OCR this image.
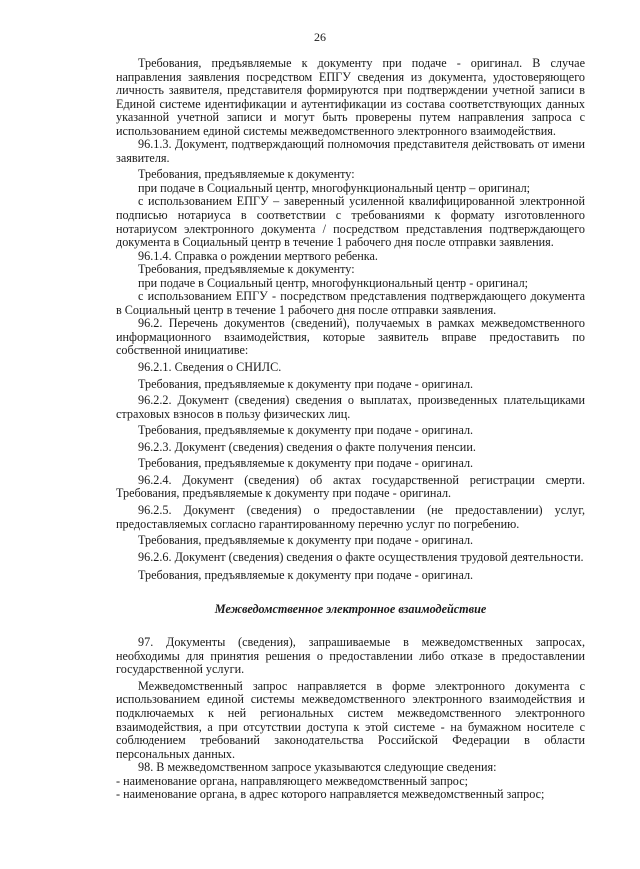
26

Требования, предъявляемые к документу при подаче - оригинал. В случае направления заявления посредством ЕПГУ сведения из документа, удостоверяющего личность заявителя, представителя формируются при подтверждении учетной записи в Единой системе идентификации и аутентификации из состава соответствующих данных указанной учетной записи и могут быть проверены путем направления запроса с использованием единой системы межведомственного электронного взаимодействия.

96.1.3. Документ, подтверждающий полномочия представителя действовать от имени заявителя.

Требования, предъявляемые к документу:

при подаче в Социальный центр, многофункциональный центр – оригинал;

с использованием ЕПГУ – заверенный усиленной квалифицированной электронной подписью нотариуса в соответствии с требованиями к формату изготовленного нотариусом электронного документа / посредством представления подтверждающего документа в Социальный центр в течение 1 рабочего дня после отправки заявления.

96.1.4. Справка о рождении мертвого ребенка.

Требования, предъявляемые к документу:

при подаче в Социальный центр, многофункциональный центр - оригинал;

с использованием ЕПГУ - посредством представления подтверждающего документа в Социальный центр в течение 1 рабочего дня после отправки заявления.

96.2. Перечень документов (сведений), получаемых в рамках межведомственного информационного взаимодействия, которые заявитель вправе предоставить по собственной инициативе:

96.2.1. Сведения о СНИЛС.

Требования, предъявляемые к документу при подаче - оригинал.

96.2.2. Документ (сведения) сведения о выплатах, произведенных плательщиками страховых взносов в пользу физических лиц.

Требования, предъявляемые к документу при подаче - оригинал.

96.2.3. Документ (сведения) сведения о факте получения пенсии.

Требования, предъявляемые к документу при подаче - оригинал.

96.2.4. Документ (сведения) об актах государственной регистрации смерти. Требования, предъявляемые к документу при подаче - оригинал.

96.2.5. Документ (сведения) о предоставлении (не предоставлении) услуг, предоставляемых согласно гарантированному перечню услуг по погребению.

Требования, предъявляемые к документу при подаче - оригинал.

96.2.6. Документ (сведения) сведения о факте осуществления трудовой деятельности.

Требования, предъявляемые к документу при подаче - оригинал.

Межведомственное электронное взаимодействие

97. Документы (сведения), запрашиваемые в межведомственных запросах, необходимы для принятия решения о предоставлении либо отказе в предоставлении государственной услуги.

Межведомственный запрос направляется в форме электронного документа с использованием единой системы межведомственного электронного взаимодействия и подключаемых к ней региональных систем межведомственного электронного взаимодействия, а при отсутствии доступа к этой системе - на бумажном носителе с соблюдением требований законодательства Российской Федерации в области персональных данных.

98. В межведомственном запросе указываются следующие сведения:

- наименование органа, направляющего межведомственный запрос;

- наименование органа, в адрес которого направляется межведомственный запрос;
